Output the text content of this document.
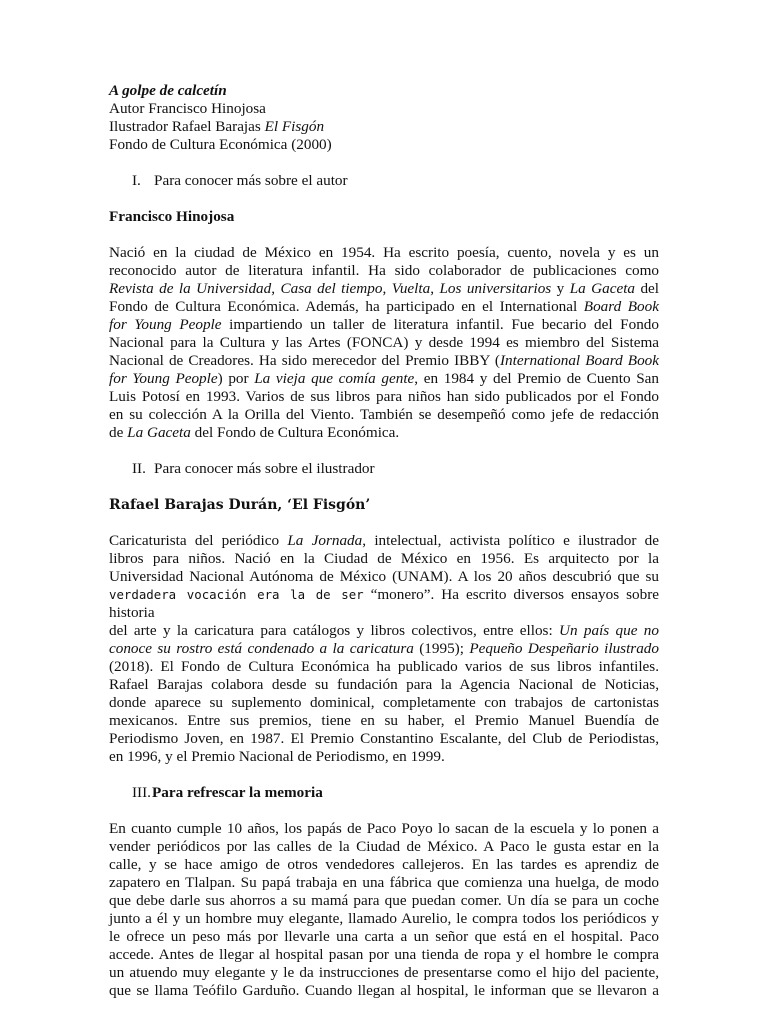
A golpe de calcetín
Autor Francisco Hinojosa
Ilustrador Rafael Barajas El Fisgón
Fondo de Cultura Económica (2000)
I. Para conocer más sobre el autor
Francisco Hinojosa
Nació en la ciudad de México en 1954. Ha escrito poesía, cuento, novela y es un
reconocido autor de literatura infantil. Ha sido colaborador de publicaciones como
Revista de la Universidad, Casa del tiempo, Vuelta, Los universitarios y La Gaceta del
Fondo de Cultura Económica. Además, ha participado en el International Board Book
for Young People impartiendo un taller de literatura infantil. Fue becario del Fondo
Nacional para la Cultura y las Artes (FONCA) y desde 1994 es miembro del Sistema
Nacional de Creadores. Ha sido merecedor del Premio IBBY (International Board Book
for Young People) por La vieja que comía gente, en 1984 y del Premio de Cuento San
Luis Potosí en 1993. Varios de sus libros para niños han sido publicados por el Fondo
en su colección A la Orilla del Viento. También se desempeñó como jefe de redacción
de La Gaceta del Fondo de Cultura Económica.
II. Para conocer más sobre el ilustrador
Rafael Barajas Durán, ‘El Fisgón’
Caricaturista del periódico La Jornada, intelectual, activista político e ilustrador de
libros para niños. Nació en la Ciudad de México en 1956. Es arquitecto por la
Universidad Nacional Autónoma de México (UNAM). A los 20 años descubrió que su
verdadera vocación era la de ser “monero”. Ha escrito diversos ensayos sobre historia
del arte y la caricatura para catálogos y libros colectivos, entre ellos: Un país que no
conoce su rostro está condenado a la caricatura (1995); Pequeño Despeñario ilustrado
(2018). El Fondo de Cultura Económica ha publicado varios de sus libros infantiles.
Rafael Barajas colabora desde su fundación para la Agencia Nacional de Noticias,
donde aparece su suplemento dominical, completamente con trabajos de cartonistas
mexicanos. Entre sus premios, tiene en su haber, el Premio Manuel Buendía de
Periodismo Joven, en 1987. El Premio Constantino Escalante, del Club de Periodistas,
en 1996, y el Premio Nacional de Periodismo, en 1999.
III.Para refrescar la memoria
En cuanto cumple 10 años, los papás de Paco Poyo lo sacan de la escuela y lo ponen a
vender periódicos por las calles de la Ciudad de México. A Paco le gusta estar en la
calle, y se hace amigo de otros vendedores callejeros. En las tardes es aprendiz de
zapatero en Tlalpan. Su papá trabaja en una fábrica que comienza una huelga, de modo
que debe darle sus ahorros a su mamá para que puedan comer. Un día se para un coche
junto a él y un hombre muy elegante, llamado Aurelio, le compra todos los periódicos y
le ofrece un peso más por llevarle una carta a un señor que está en el hospital. Paco
accede. Antes de llegar al hospital pasan por una tienda de ropa y el hombre le compra
un atuendo muy elegante y le da instrucciones de presentarse como el hijo del paciente,
que se llama Teófilo Garduño. Cuando llegan al hospital, le informan que se llevaron a
